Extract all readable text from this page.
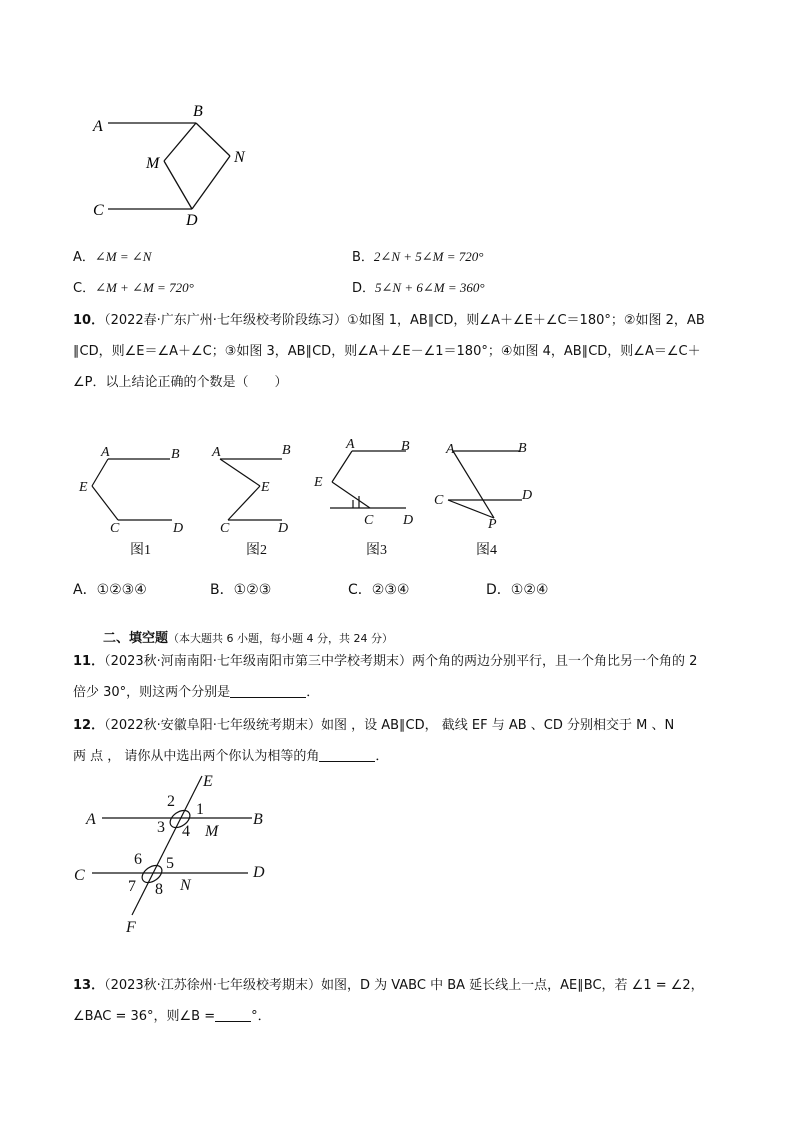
A
B
M	N
C
D
A．∠M = ∠N	B．2∠N + 5∠M = 720°
C．∠M + ∠M = 720°	D．5∠N + 6∠M = 360°
10．（2022春·广东广州·七年级校考阶段练习）①如图 1，AB∥CD，则∠A＋∠E＋∠C＝180°；②如图 2，AB
∥CD，则∠E＝∠A＋∠C；③如图 3，AB∥CD，则∠A＋∠E－∠1＝180°；④如图 4，AB∥CD，则∠A＝∠C＋
∠P．以上结论正确的个数是（　　）
A	B
E
C	D
A	B
E
C	D
A	B
E
C D
A	B
C	D
P
图1	图2	图3	图4
A．①②③④	B．①②③	C．②③④	D．①②④
二、填空题（本大题共 6 小题，每小题 4 分，共 24 分）
11．（2023秋·河南南阳·七年级南阳市第三中学校考期末）两个角的两边分别平行，且一个角比另一个角的 2
倍少 30°，则这两个分别是	．
12．（2022秋·安徽阜阳·七年级统考期末）如图 ，设 AB∥CD， 截线 EF 与 AB 、CD 分别相交于 M 、N
两 点 ， 请你从中选出两个你认为相等的角	．
E
A	B
C	D
F
M
N
1
2
3 4
5
6
7 8
13．（2023秋·江苏徐州·七年级校考期末）如图，D 为 VABC 中 BA 延长线上一点，AE∥BC，若 ∠1 = ∠2，
∠BAC = 36°，则∠B =	°．
